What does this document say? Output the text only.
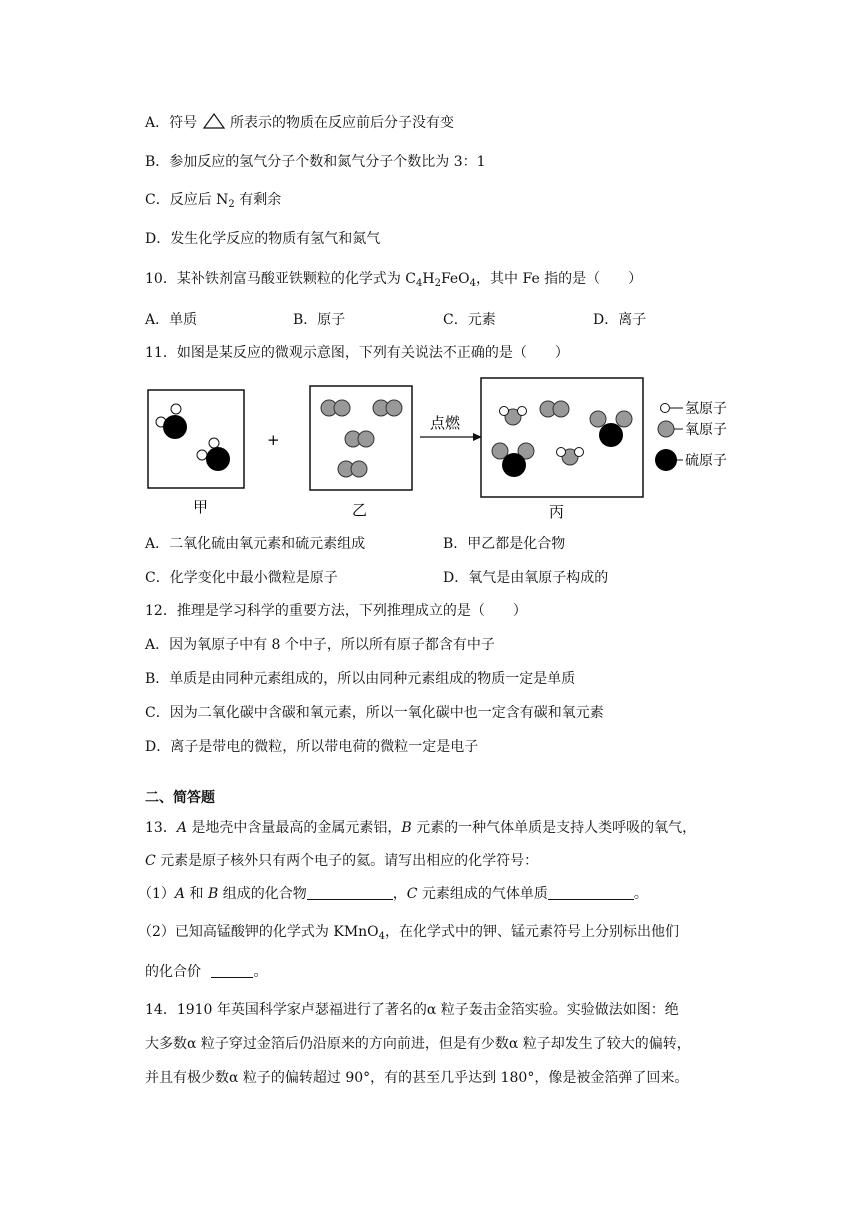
A．符号 所表示的物质在反应前后分子没有变
B．参加反应的氢气分子个数和氮气分子个数比为 3：1
C．反应后 $N_2$ 有剩余
D．发生化学反应的物质有氢气和氮气
10．某补铁剂富马酸亚铁颗粒的化学式为 $C_4H_2FeO_4$，其中 Fe 指的是（　　）
A．单质	B．原子	C．元素	D．离子
11．如图是某反应的微观示意图，下列有关说法不正确的是（　　）
+
点燃
甲	乙	丙
氢原子
氧原子
硫原子
A．二氧化硫由氧元素和硫元素组成	B．甲乙都是化合物
C．化学变化中最小微粒是原子	D．氧气是由氧原子构成的
12．推理是学习科学的重要方法，下列推理成立的是（　　）
A．因为氧原子中有 8 个中子，所以所有原子都含有中子
B．单质是由同种元素组成的，所以由同种元素组成的物质一定是单质
C．因为二氧化碳中含碳和氧元素，所以一氧化碳中也一定含有碳和氧元素
D．离子是带电的微粒，所以带电荷的微粒一定是电子
二、简答题
13．A 是地壳中含量最高的金属元素铝，B 元素的一种气体单质是支持人类呼吸的氧气，
C 元素是原子核外只有两个电子的氦。请写出相应的化学符号：
（1）A 和 B 组成的化合物	，C 元素组成的气体单质	。
（2）已知高锰酸钾的化学式为 KMnO$_4$，在化学式中的钾、锰元素符号上分别标出他们
的化合价	。
14．1910 年英国科学家卢瑟福进行了著名的α 粒子轰击金箔实验。实验做法如图：绝
大多数α 粒子穿过金箔后仍沿原来的方向前进，但是有少数α 粒子却发生了较大的偏转，
并且有极少数α 粒子的偏转超过 90°，有的甚至几乎达到 180°，像是被金箔弹了回来。
